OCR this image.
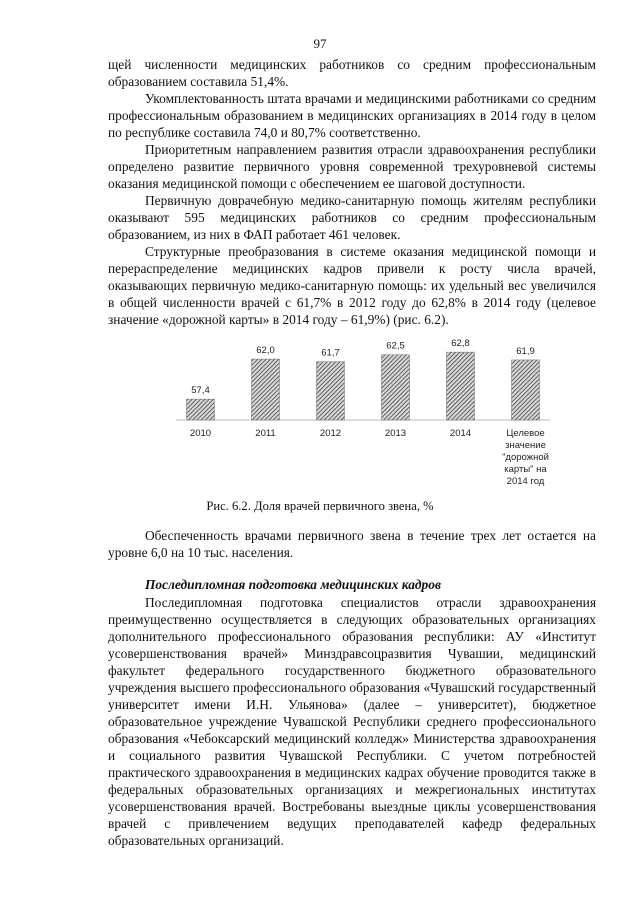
97

щей численности медицинских работников со средним профессиональным образованием составила 51,4%.

Укомплектованность штата врачами и медицинскими работниками со средним профессиональным образованием в медицинских организациях в 2014 году в целом по республике составила 74,0 и 80,7% соответственно.

Приоритетным направлением развития отрасли здравоохранения республики определено развитие первичного уровня современной трехуровневой системы оказания медицинской помощи с обеспечением ее шаговой доступности.

Первичную доврачебную медико-санитарную помощь жителям республики оказывают 595 медицинских работников со средним профессиональным образованием, из них в ФАП работает 461 человек.

Структурные преобразования в системе оказания медицинской помощи и перераспределение медицинских кадров привели к росту числа врачей, оказывающих первичную медико-санитарную помощь: их удельный вес увеличился в общей численности врачей с 61,7% в 2012 году до 62,8% в 2014 году (целевое значение «дорожной карты» в 2014 году – 61,9%) (рис. 6.2).

57,4
2010
62,0
2011
61,7
2012
62,5
2013
62,8
2014
61,9
Целевое
значение
"дорожной
карты" на
2014 год
Рис. 6.2. Доля врачей первичного звена, %

Обеспеченность врачами первичного звена в течение трех лет остается на уровне 6,0 на 10 тыс. населения.

Последипломная подготовка медицинских кадров

Последипломная подготовка специалистов отрасли здравоохранения преимущественно осуществляется в следующих образовательных организациях дополнительного профессионального образования республики: АУ «Институт усовершенствования врачей» Минздравсоцразвития Чувашии, медицинский факультет федерального государственного бюджетного образовательного учреждения высшего профессионального образования «Чувашский государственный университет имени И.Н. Ульянова» (далее – университет), бюджетное образовательное учреждение Чувашской Республики среднего профессионального образования «Чебоксарский медицинский колледж» Министерства здравоохранения и социального развития Чувашской Республики. С учетом потребностей практического здравоохранения в медицинских кадрах обучение проводится также в федеральных образовательных организациях и межрегиональных институтах усовершенствования врачей. Востребованы выездные циклы усовершенствования врачей с привлечением ведущих преподавателей кафедр федеральных образовательных организаций.
